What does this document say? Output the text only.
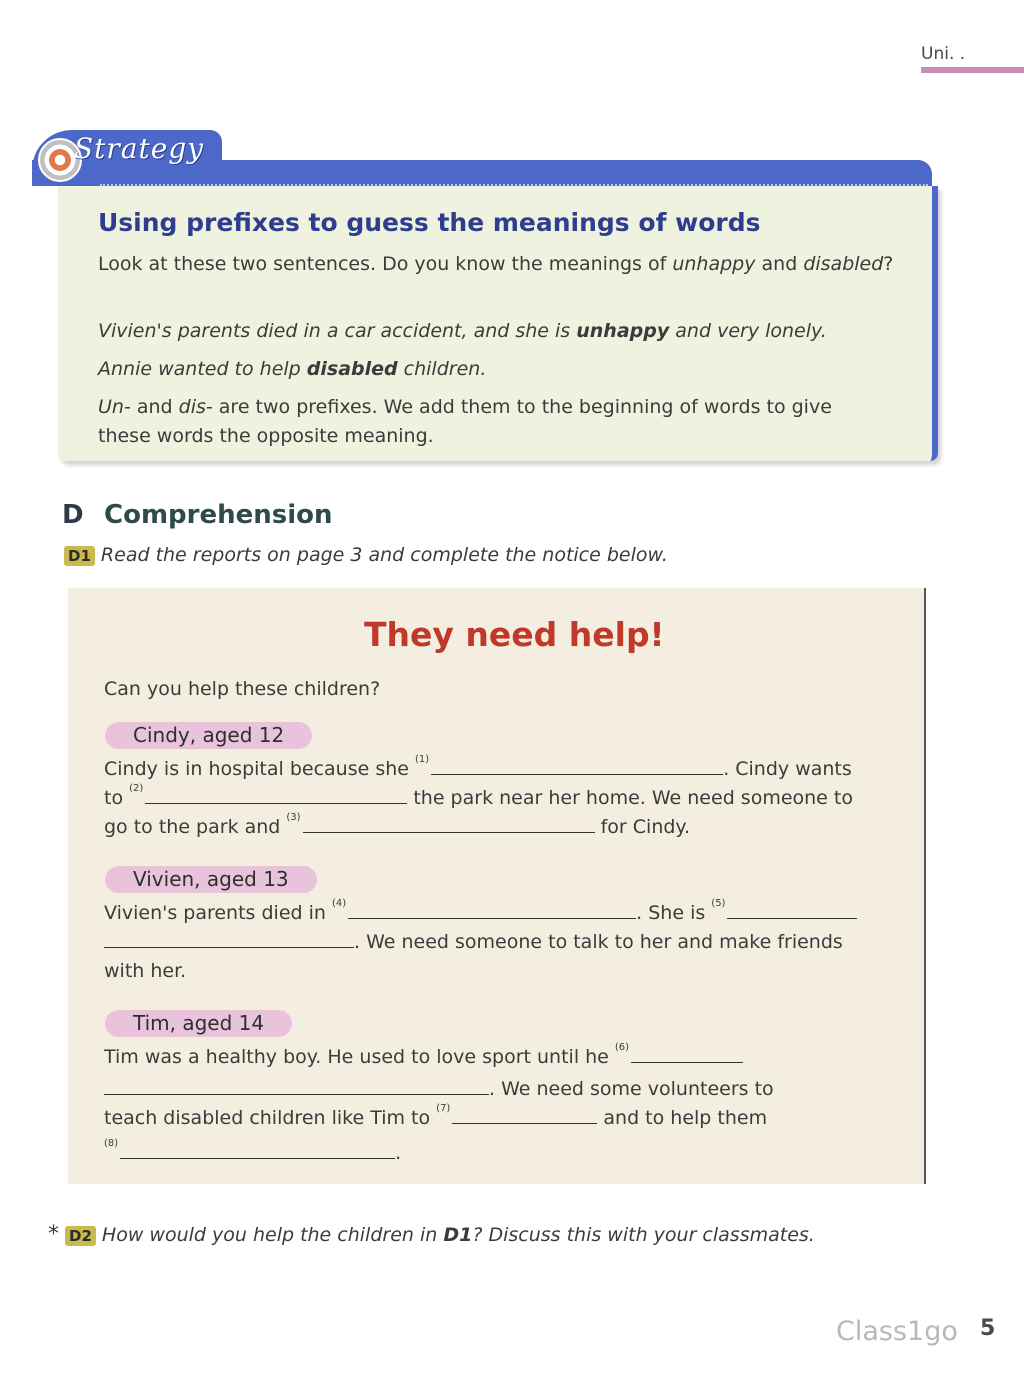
Uni. .
Strategy
Using prefixes to guess the meanings of words
Look at these two sentences. Do you know the meanings of unhappy and disabled?
Vivien's parents died in a car accident, and she is unhappy and very lonely.
Annie wanted to help disabled children.
Un- and dis- are two prefixes. We add them to the beginning of words to give
these words the opposite meaning.
D Comprehension
D1 Read the reports on page 3 and complete the notice below.
They need help!
Can you help these children?
Cindy, aged 12
Cindy is in hospital because she $^{(1)}$	. Cindy wants
to $^{(2)}$	the park near her home. We need someone to
go to the park and $^{(3)}$	for Cindy.
Vivien, aged 13
Vivien's parents died in $^{(4)}$	. She is $^{(5)}$
. We need someone to talk to her and make friends
with her.
Tim, aged 14
Tim was a healthy boy. He used to love sport until he $^{(6)}$
. We need some volunteers to
teach disabled children like Tim to $^{(7)}$	and to help them
$^{(8)}$	.
* D2 How would you help the children in D1? Discuss this with your classmates.
Class1go 5
